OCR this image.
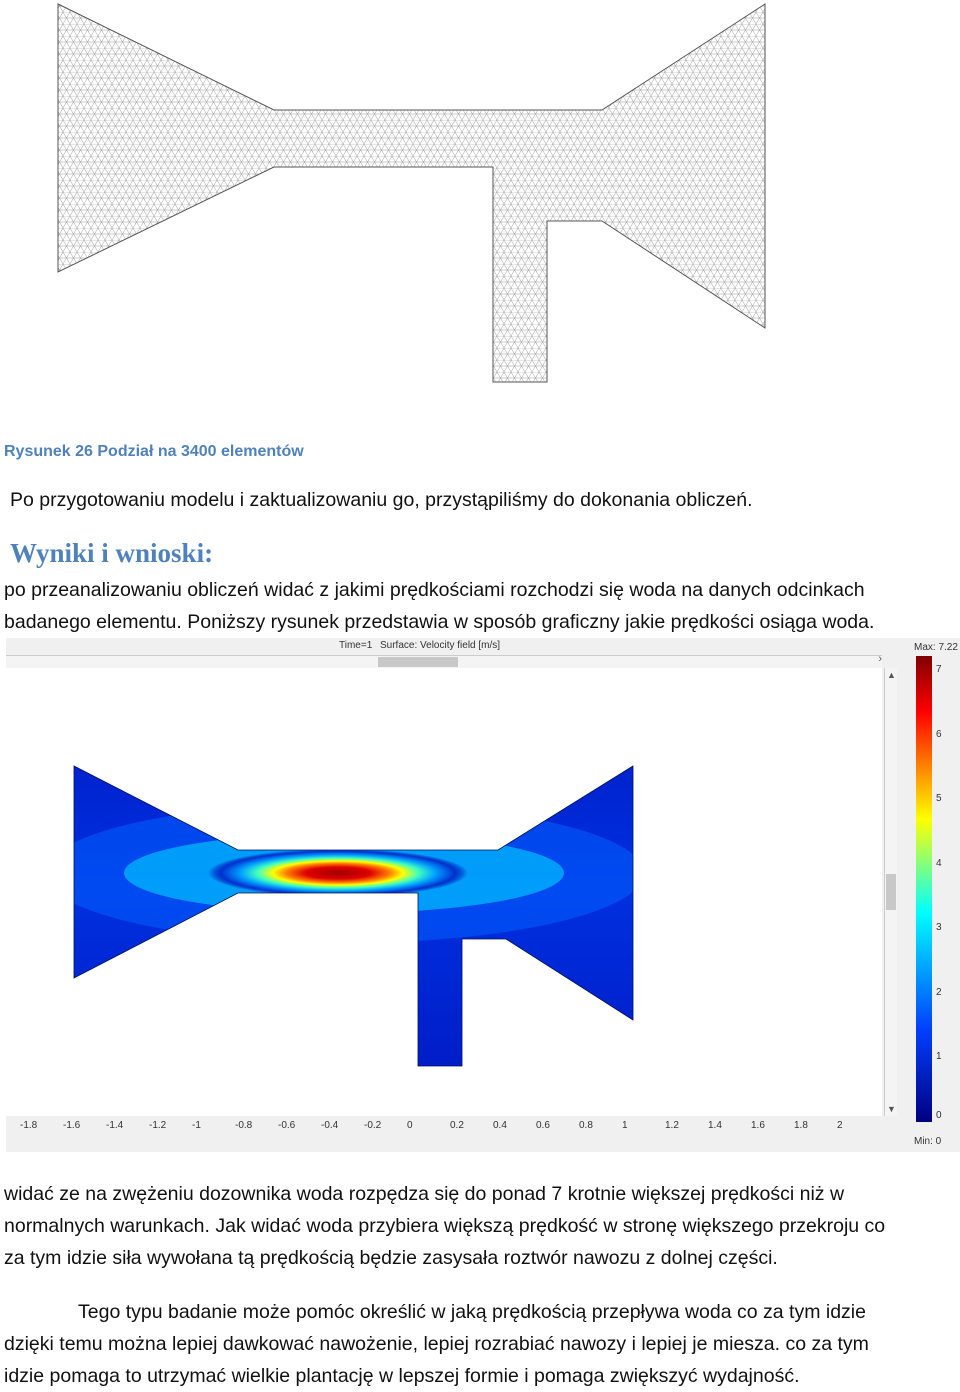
Rysunek 26 Podział na 3400 elementów
Po przygotowaniu modelu i zaktualizowaniu go, przystąpiliśmy do dokonania obliczeń.
Wyniki i wnioski:
po przeanalizowaniu obliczeń widać z jakimi prędkościami rozchodzi się woda na danych odcinkach
badanego elementu. Poniższy rysunek przedstawia w sposób graficzny jakie prędkości osiąga woda.
Time=1 Surface: Velocity field [m/s]	Max: 7.22
›
▲
▼
7
6
5
4
3
2
1
0
Min: 0
-1.8	-1.6	-1.4	-1.2	-1	-0.8	-0.6	-0.4	-0.2	0	0.2	0.4	0.6	0.8	1	1.2	1.4	1.6	1.8	2
widać ze na zwężeniu dozownika woda rozpędza się do ponad 7 krotnie większej prędkości niż w
normalnych warunkach. Jak widać woda przybiera większą prędkość w stronę większego przekroju co
za tym idzie siła wywołana tą prędkością będzie zasysała roztwór nawozu z dolnej części.
Tego typu badanie może pomóc określić w jaką prędkością przepływa woda co za tym idzie
dzięki temu można lepiej dawkować nawożenie, lepiej rozrabiać nawozy i lepiej je miesza. co za tym
idzie pomaga to utrzymać wielkie plantację w lepszej formie i pomaga zwiększyć wydajność.
